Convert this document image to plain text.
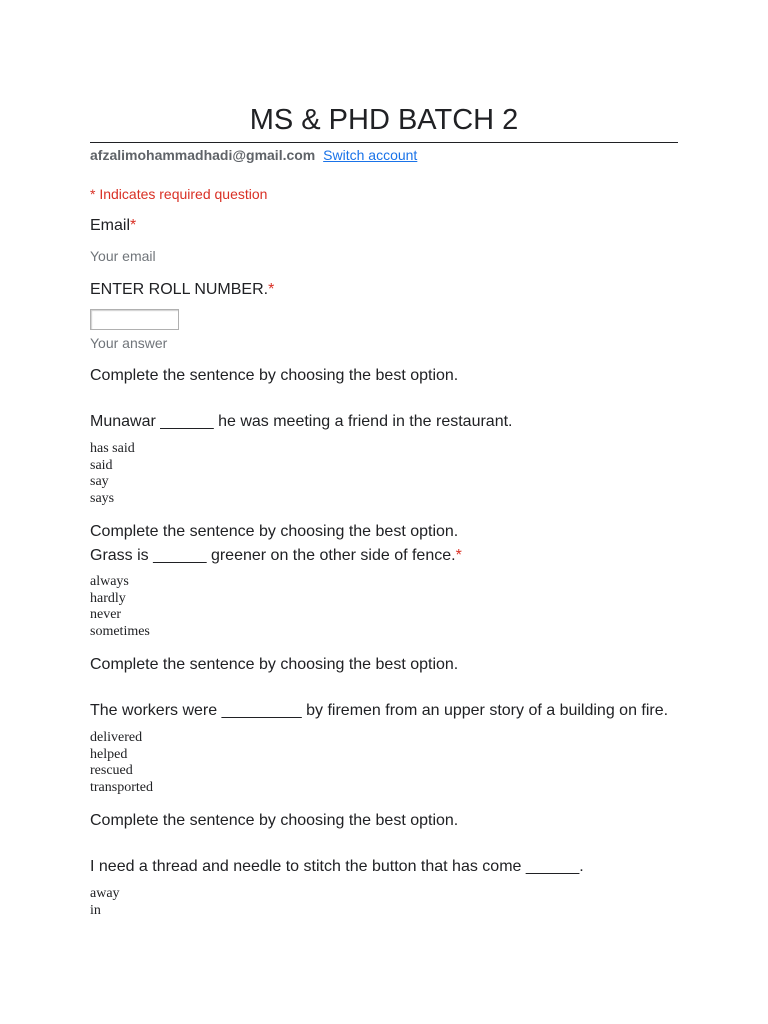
MS & PHD BATCH 2
afzalimohammadhadi@gmail.com Switch account
* Indicates required question
Email*
Your email
ENTER ROLL NUMBER.*
Your answer
Complete the sentence by choosing the best option.
Munawar ______ he was meeting a friend in the restaurant.
has said
said
say
says
Complete the sentence by choosing the best option.
Grass is ______ greener on the other side of fence.*
always
hardly
never
sometimes
Complete the sentence by choosing the best option.
The workers were _________ by firemen from an upper story of a building on fire.
delivered
helped
rescued
transported
Complete the sentence by choosing the best option.
I need a thread and needle to stitch the button that has come ______.
away
in
